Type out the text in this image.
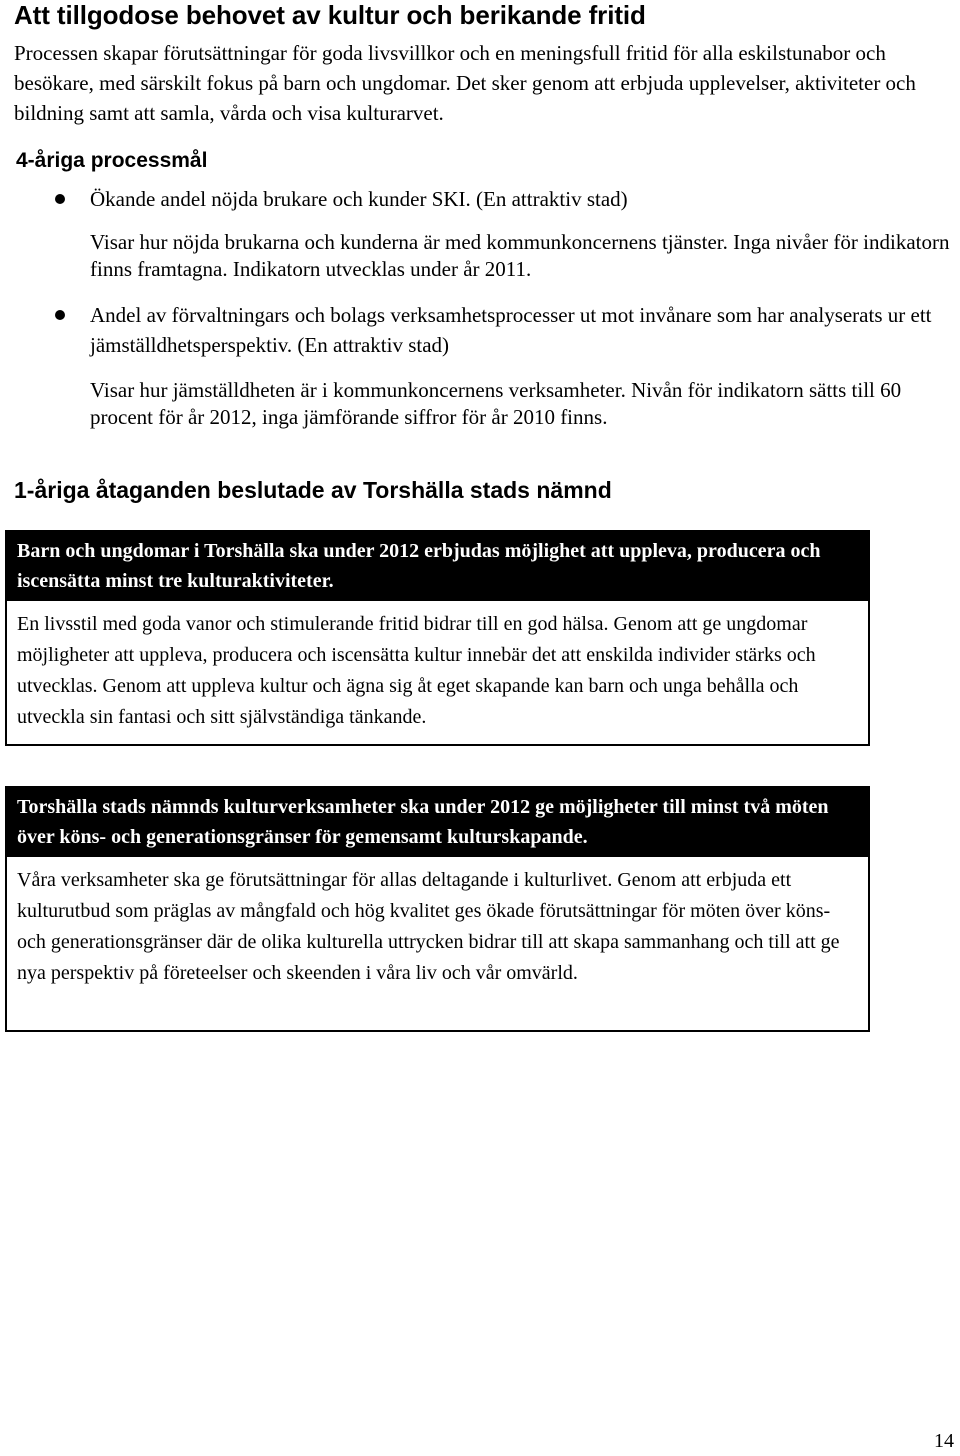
Att tillgodose behovet av kultur och berikande fritid

Processen skapar förutsättningar för goda livsvillkor och en meningsfull fritid för alla eskilstunabor och besökare, med särskilt fokus på barn och ungdomar. Det sker genom att erbjuda upplevelser, aktiviteter och bildning samt att samla, vårda och visa kulturarvet.

4-åriga processmål

Ökande andel nöjda brukare och kunder SKI. (En attraktiv stad)

Visar hur nöjda brukarna och kunderna är med kommunkoncernens tjänster. Inga nivåer för indikatorn finns framtagna. Indikatorn utvecklas under år 2011.

Andel av förvaltningars och bolags verksamhetsprocesser ut mot invånare som har analyserats ur ett jämställdhetsperspektiv. (En attraktiv stad)

Visar hur jämställdheten är i kommunkoncernens verksamheter. Nivån för indikatorn sätts till 60 procent för år 2012, inga jämförande siffror för år 2010 finns.

1-åriga åtaganden beslutade av Torshälla stads nämnd
Barn och ungdomar i Torshälla ska under 2012 erbjudas möjlighet att uppleva, producera och iscensätta minst tre kulturaktiviteter.
En livsstil med goda vanor och stimulerande fritid bidrar till en god hälsa. Genom att ge ungdomar möjligheter att uppleva, producera och iscensätta kultur innebär det att enskilda individer stärks och utvecklas. Genom att uppleva kultur och ägna sig åt eget skapande kan barn och unga behålla och utveckla sin fantasi och sitt självständiga tänkande.
Torshälla stads nämnds kulturverksamheter ska under 2012 ge möjligheter till minst två möten över köns- och generationsgränser för gemensamt kulturskapande.
Våra verksamheter ska ge förutsättningar för allas deltagande i kulturlivet. Genom att erbjuda ett kulturutbud som präglas av mångfald och hög kvalitet ges ökade förutsättningar för möten över köns- och generationsgränser där de olika kulturella uttrycken bidrar till att skapa sammanhang och till att ge nya perspektiv på företeelser och skeenden i våra liv och vår omvärld.
14
